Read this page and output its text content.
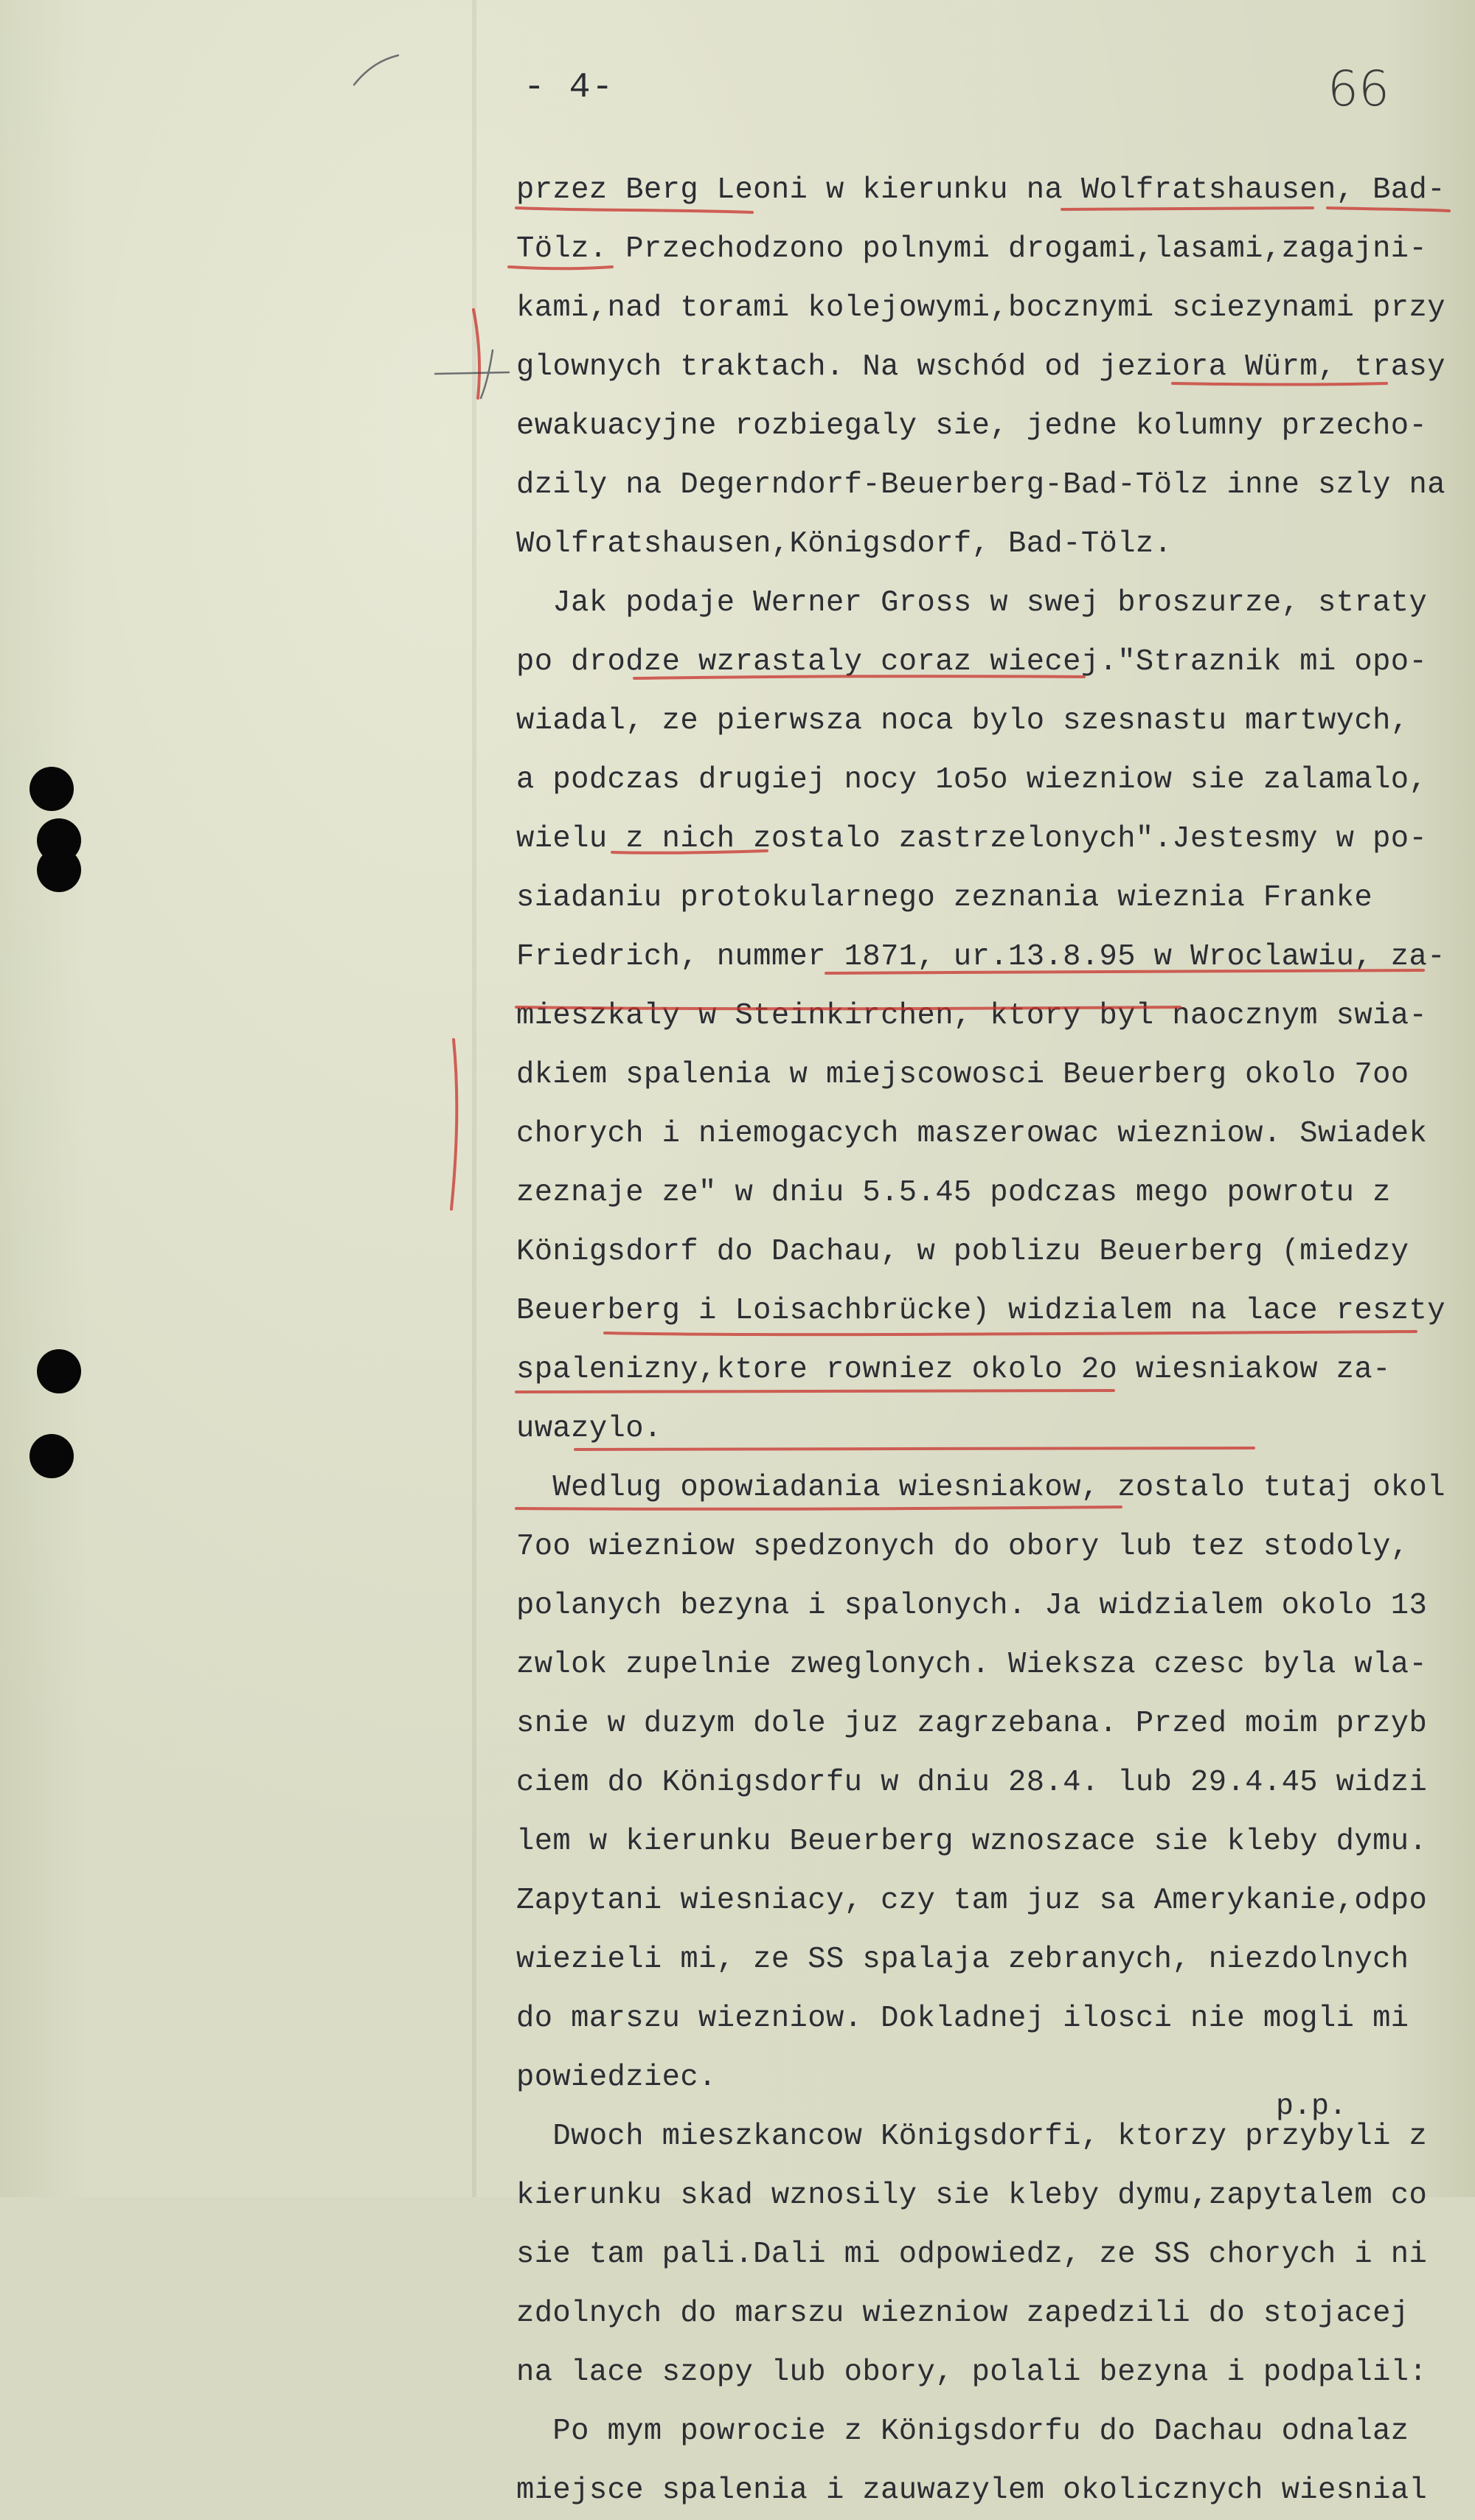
- 4-	66
przez Berg Leoni w kierunku na Wolfratshausen, Bad-
Tölz. Przechodzono polnymi drogami,lasami,zagajni-
kami,nad torami kolejowymi,bocznymi sciezynami przy
glownych traktach. Na wschód od jeziora Würm, trasy
ewakuacyjne rozbiegaly sie, jedne kolumny przecho-
dzily na Degerndorf-Beuerberg-Bad-Tölz inne szly na
Wolfratshausen,Königsdorf, Bad-Tölz.
Jak podaje Werner Gross w swej broszurze, straty
po drodze wzrastaly coraz wiecej."Straznik mi opo-
wiadal, ze pierwsza noca bylo szesnastu martwych,
a podczas drugiej nocy 1o5o wiezniow sie zalamalo,
wielu z nich zostalo zastrzelonych".Jestesmy w po-
siadaniu protokularnego zeznania wieznia Franke
Friedrich, nummer 1871, ur.13.8.95 w Wroclawiu, za-
mieszkaly w Steinkirchen, ktory byl naocznym swia-
dkiem spalenia w miejscowosci Beuerberg okolo 7oo
chorych i niemogacych maszerowac wiezniow. Swiadek
zeznaje ze" w dniu 5.5.45 podczas mego powrotu z
Königsdorf do Dachau, w poblizu Beuerberg (miedzy
Beuerberg i Loisachbrücke) widzialem na lace reszty
spalenizny,ktore rowniez okolo 2o wiesniakow za-
uwazylo.
Wedlug opowiadania wiesniakow, zostalo tutaj okol
7oo wiezniow spedzonych do obory lub tez stodoly,
polanych bezyna i spalonych. Ja widzialem okolo 13
zwlok zupelnie zweglonych. Wieksza czesc byla wla-
snie w duzym dole juz zagrzebana. Przed moim przyb
ciem do Königsdorfu w dniu 28.4. lub 29.4.45 widzi
lem w kierunku Beuerberg wznoszace sie kleby dymu.
Zapytani wiesniacy, czy tam juz sa Amerykanie,odpo
wiezieli mi, ze SS spalaja zebranych, niezdolnych
do marszu wiezniow. Dokladnej ilosci nie mogli mi
powiedziec.
Dwoch mieszkancow Königsdorfi, ktorzy przybyli z
kierunku skad wznosily sie kleby dymu,zapytalem co
sie tam pali.Dali mi odpowiedz, ze SS chorych i ni
zdolnych do marszu wiezniow zapedzili do stojacej
na lace szopy lub obory, polali bezyna i podpalil:
Po mym powrocie z Königsdorfu do Dachau odnalaz
miejsce spalenia i zauwazylem okolicznych wiesnial
p.p.
